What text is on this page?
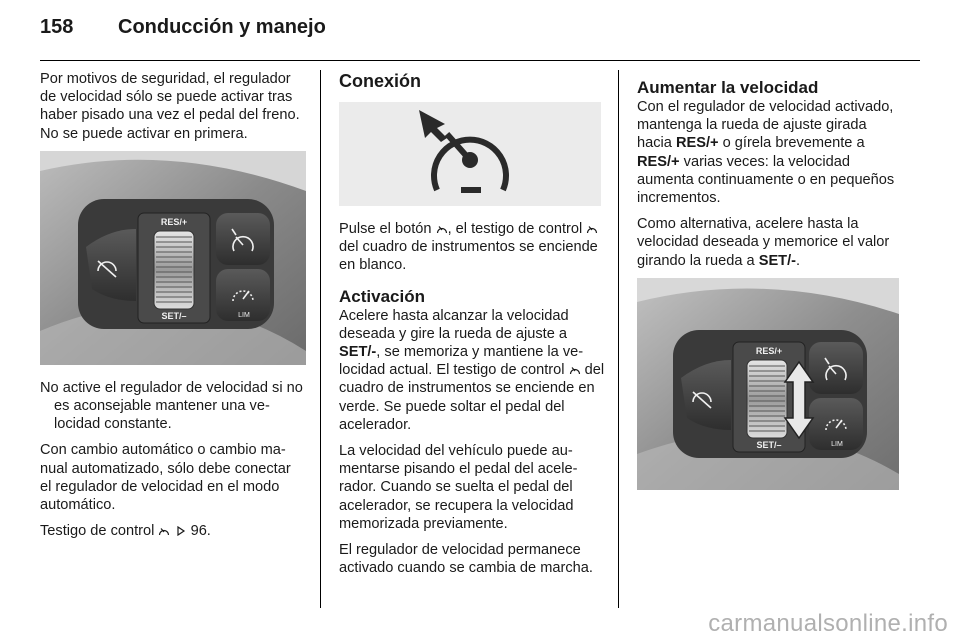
158 Conducción y manejo

Por motivos de seguridad, el regulador de velocidad sólo se puede activar tras haber pisado una vez el pedal del freno. No se puede activar en primera.

RES/+
SET/–	LIM

No active el regulador de velocidad si no es aconsejable mantener una velocidad constante.

Con cambio automático o cambio manual automatizado, sólo debe conectar el regulador de velocidad en el modo automático.

Testigo de control 96.

Conexión

Pulse el botón , el testigo de control  del cuadro de instrumentos se enciende en blanco.

Activación

Acelere hasta alcanzar la velocidad deseada y gire la rueda de ajuste a SET/-, se memoriza y mantiene la velocidad actual. El testigo de control del cuadro de instrumentos se enciende en verde. Se puede soltar el pedal del acelerador.

La velocidad del vehículo puede aumentarse pisando el pedal del acelerador. Cuando se suelta el pedal del acelerador, se recupera la velocidad memorizada previamente.

El regulador de velocidad permanece activado cuando se cambia de marcha.

Aumentar la velocidad

Con el regulador de velocidad activado, mantenga la rueda de ajuste girada hacia RES/+ o gírela brevemente a RES/+ varias veces: la velocidad aumenta continuamente o en pequeños incrementos.

Como alternativa, acelere hasta la velocidad deseada y memorice el valor girando la rueda a SET/-.

RES/+
SET/–	LIM
carmanualsonline.info
